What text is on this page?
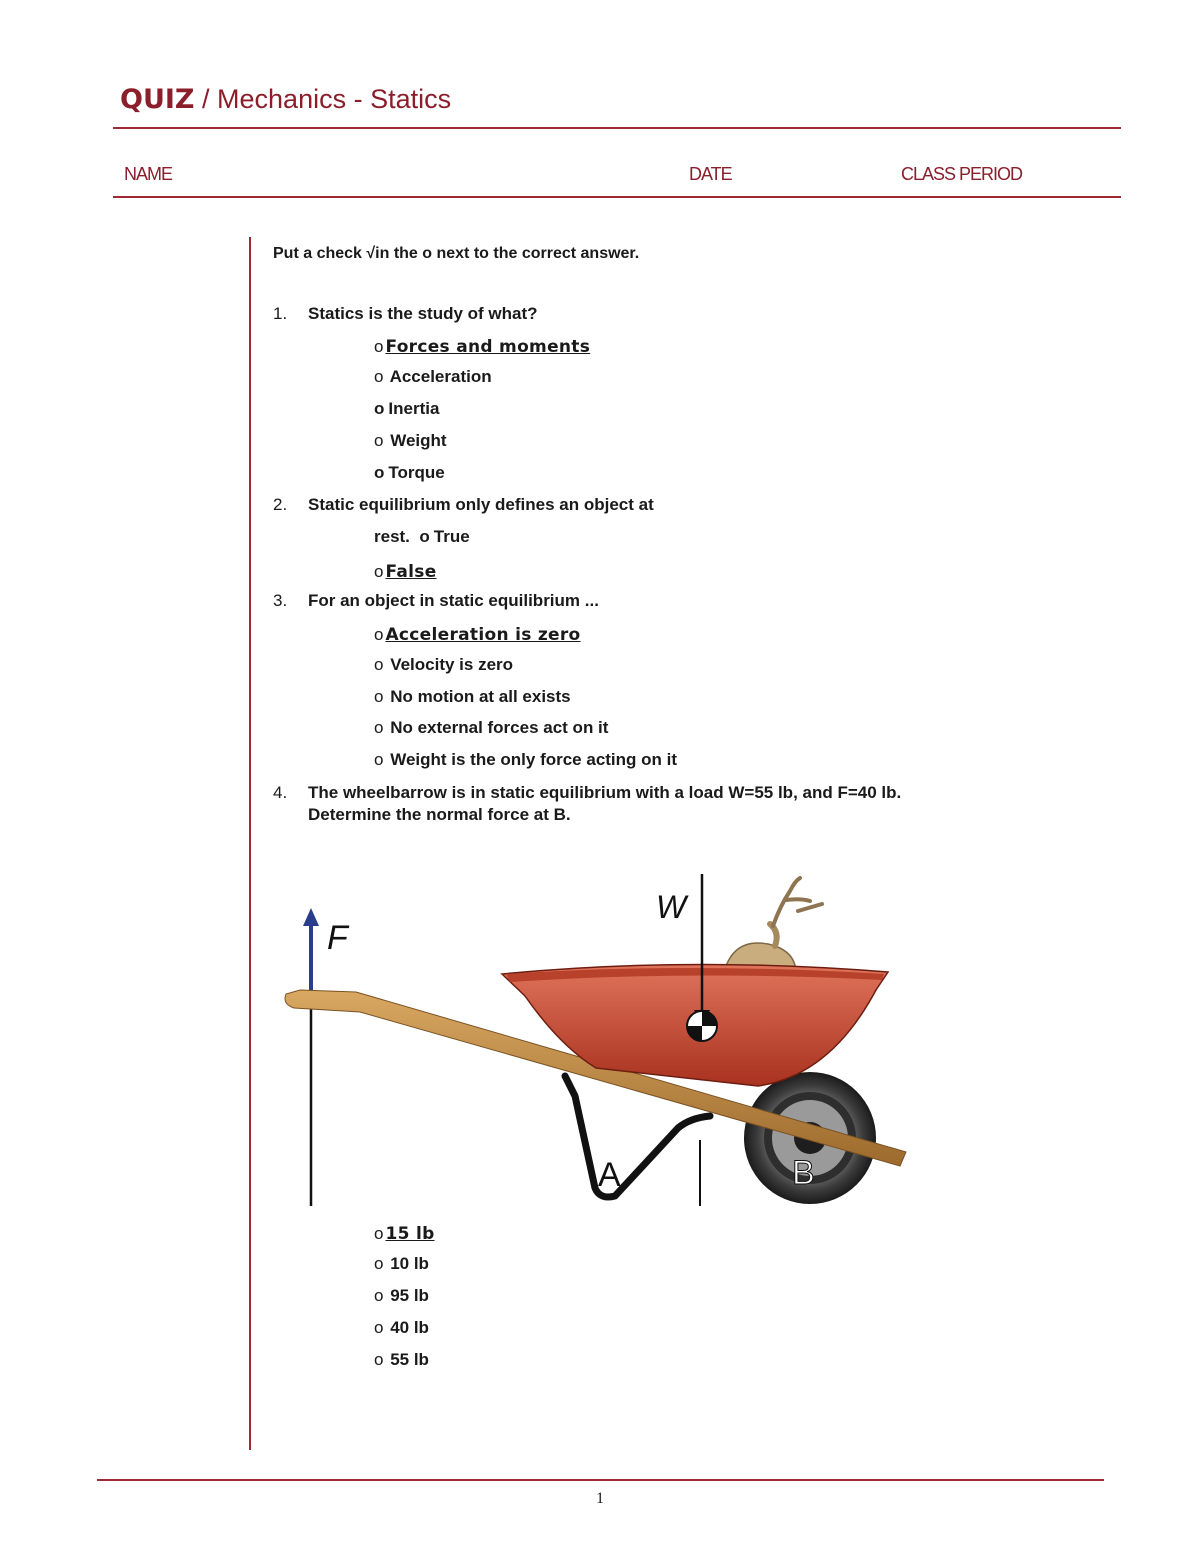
QUIZ / Mechanics - Statics
NAME	DATE	CLASS PERIOD
Put a check √in the o next to the correct answer.
1. Statics is the study of what?
o Forces and moments
o Acceleration
o Inertia
o Weight
o Torque
2. Static equilibrium only defines an object at
rest. o True
o False
3. For an object in static equilibrium ...
o Acceleration is zero
o Velocity is zero
o No motion at all exists
o No external forces act on it
o Weight is the only force acting on it
4. The wheelbarrow is in static equilibrium with a load W=55 lb, and F=40 lb.
Determine the normal force at B.
F
W
A	B
o 15 lb
o 10 lb
o 95 lb
o 40 lb
o 55 lb
1
